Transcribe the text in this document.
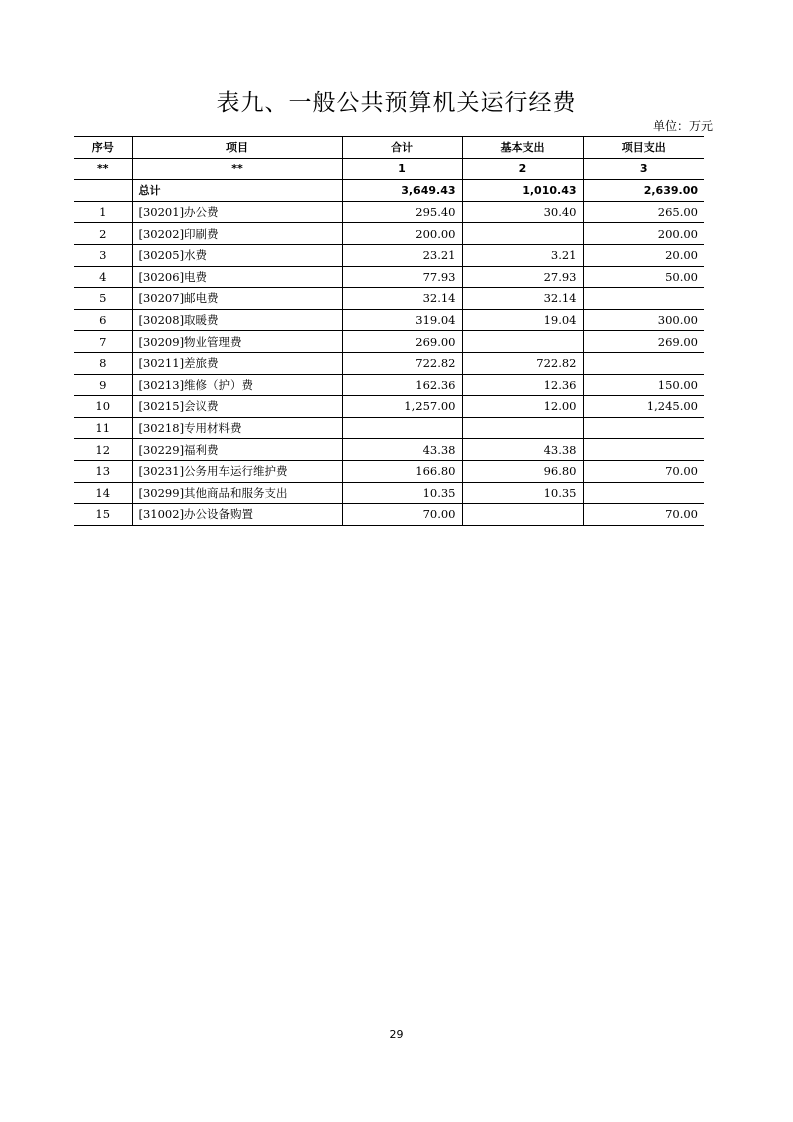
表九、一般公共预算机关运行经费
单位：万元
序号	项目	合计	基本支出	项目支出
**	**	1	2	3
	总计	3,649.43	1,010.43	2,639.00
1	[30201]办公费	295.40	30.40	265.00
2	[30202]印刷费	200.00		200.00
3	[30205]水费	23.21	3.21	20.00
4	[30206]电费	77.93	27.93	50.00
5	[30207]邮电费	32.14	32.14	
6	[30208]取暖费	319.04	19.04	300.00
7	[30209]物业管理费	269.00		269.00
8	[30211]差旅费	722.82	722.82	
9	[30213]维修（护）费	162.36	12.36	150.00
10	[30215]会议费	1,257.00	12.00	1,245.00
11	[30218]专用材料费			
12	[30229]福利费	43.38	43.38	
13	[30231]公务用车运行维护费	166.80	96.80	70.00
14	[30299]其他商品和服务支出	10.35	10.35	
15	[31002]办公设备购置	70.00		70.00
29
